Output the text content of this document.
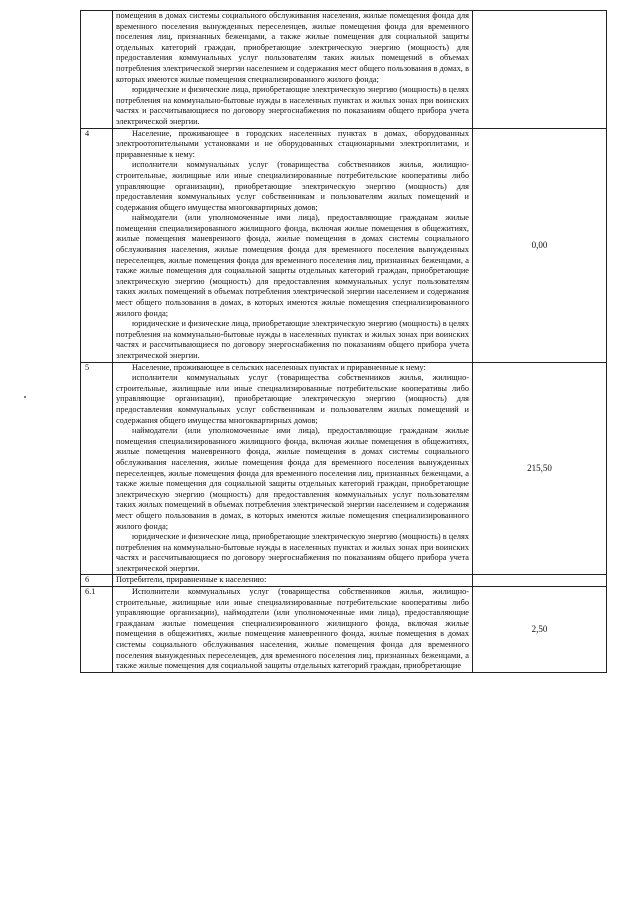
	помещения в домах системы социального обслуживания населения, жилые помещения фонда для временного поселения вынужденных переселенцев, жилые помещения фонда для временного поселения лиц, признанных беженцами, а также жилые помещения для социальной защиты отдельных категорий граждан, приобретающие электрическую энергию (мощность) для предоставления коммунальных услуг пользователям таких жилых помещений в объемах потребления электрической энергии населением и содержания мест общего пользования в домах, в которых имеются жилые помещения специализированного жилого фонда;

юридические и физические лица, приобретающие электрическую энергию (мощность) в целях потребления на коммунально-бытовые нужды в населенных пунктах и жилых зонах при воинских частях и рассчитывающиеся по договору энергоснабжения по показаниям общего прибора учета электрической энергии.	

4	Население, проживающее в городских населенных пунктах в домах, оборудованных электроотопительными установками и не оборудованных стационарными электроплитами, и приравненные к нему:

исполнители коммунальных услуг (товарищества собственников жилья, жилищно-строительные, жилищные или иные специализированные потребительские кооперативы либо управляющие организации), приобретающие электрическую энергию (мощность) для предоставления коммунальных услуг собственникам и пользователям жилых помещений и содержания общего имущества многоквартирных домов;

наймодатели (или уполномоченные ими лица), предоставляющие гражданам жилые помещения специализированного жилищного фонда, включая жилые помещения в общежитиях, жилые помещения маневренного фонда, жилые помещения в домах системы социального обслуживания населения, жилые помещения фонда для временного поселения вынужденных переселенцев, жилые помещения фонда для временного поселения лиц, признанных беженцами, а также жилые помещения для социальной защиты отдельных категорий граждан, приобретающие электрическую энергию (мощность) для предоставления коммунальных услуг пользователям таких жилых помещений в объемах потребления электрической энергии населением и содержания мест общего пользования в домах, в которых имеются жилые помещения специализированного жилого фонда;

юридические и физические лица, приобретающие электрическую энергию (мощность) в целях потребления на коммунально-бытовые нужды в населенных пунктах и жилых зонах при воинских частях и рассчитывающиеся по договору энергоснабжения по показаниям общего прибора учета электрической энергии.	0,00
5	Население, проживающее в сельских населенных пунктах и приравненные к нему:

исполнители коммунальных услуг (товарищества собственников жилья, жилищно-строительные, жилищные или иные специализированные потребительские кооперативы либо управляющие организации), приобретающие электрическую энергию (мощность) для предоставления коммунальных услуг собственникам и пользователям жилых помещений и содержания общего имущества многоквартирных домов;

наймодатели (или уполномоченные ими лица), предоставляющие гражданам жилые помещения специализированного жилищного фонда, включая жилые помещения в общежитиях, жилые помещения маневренного фонда, жилые помещения в домах системы социального обслуживания населения, жилые помещения фонда для временного поселения вынужденных переселенцев, жилые помещения фонда для временного поселения лиц, признанных беженцами, а также жилые помещения для социальной защиты отдельных категорий граждан, приобретающие электрическую энергию (мощность) для предоставления коммунальных услуг пользователям таких жилых помещений в объемах потребления электрической энергии населением и содержания мест общего пользования в домах, в которых имеются жилые помещения специализированного жилого фонда;

юридические и физические лица, приобретающие электрическую энергию (мощность) в целях потребления на коммунально-бытовые нужды в населенных пунктах и жилых зонах при воинских частях и рассчитывающиеся по договору энергоснабжения по показаниям общего прибора учета электрической энергии.	215,50
6	Потребители, приравненные к населению:	

6.1	Исполнители коммунальных услуг (товарищества собственников жилья, жилищно-строительные, жилищные или иные специализированные потребительские кооперативы либо управляющие организации), наймодатели (или уполномоченные ими лица), предоставляющие гражданам жилые помещения специализированного жилищного фонда, включая жилые помещения в общежитиях, жилые помещения маневренного фонда, жилые помещения в домах системы социального обслуживания населения, жилые помещения фонда для временного поселения вынужденных переселенцев, для временного поселения лиц, признанных беженцами, а также жилые помещения для социальной защиты отдельных категорий граждан, приобретающие	2,50
